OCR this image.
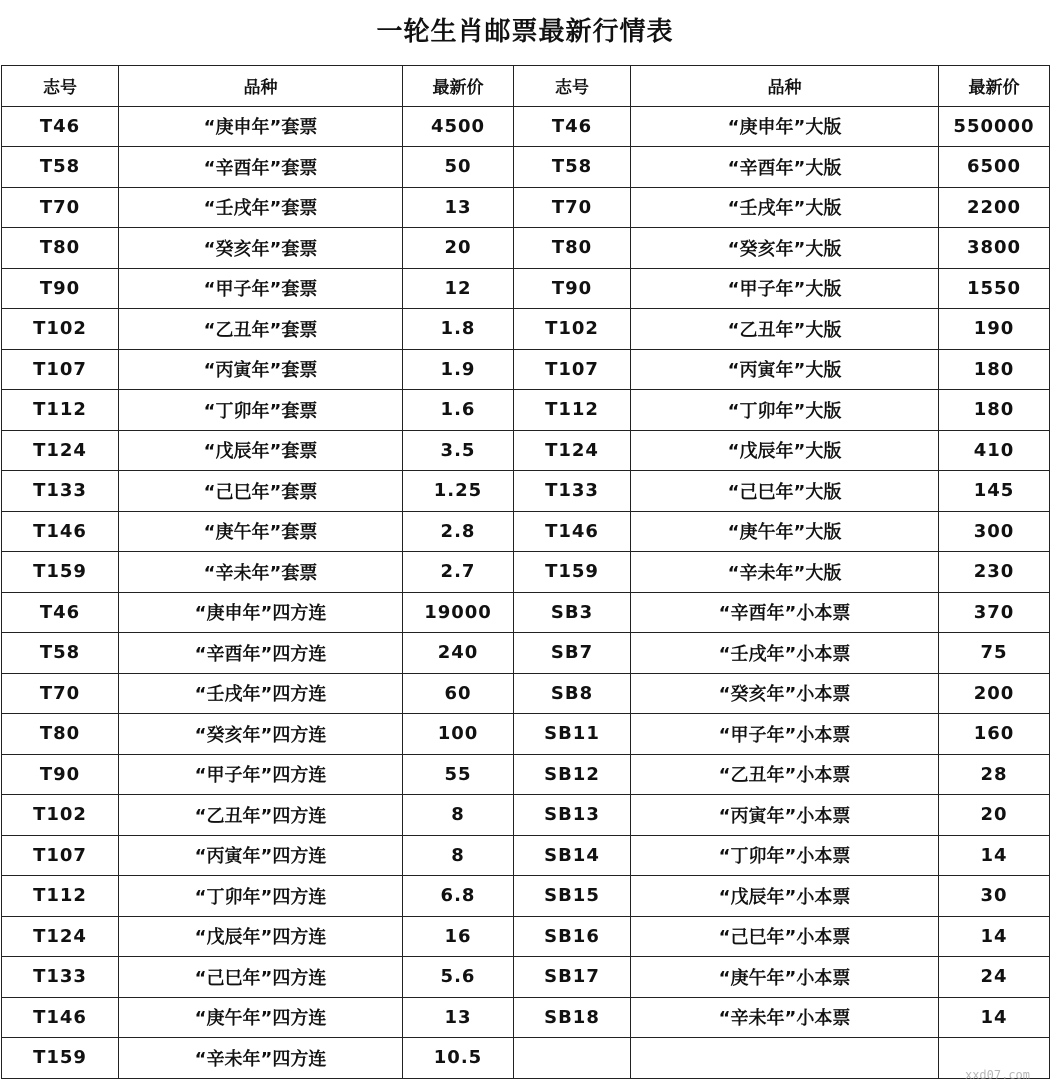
一轮生肖邮票最新行情表
志号	品种	最新价	志号	品种	最新价
T46	“庚申年”套票	4500	T46	“庚申年”大版	550000
T58	“辛酉年”套票	50	T58	“辛酉年”大版	6500
T70	“壬戌年”套票	13	T70	“壬戌年”大版	2200
T80	“癸亥年”套票	20	T80	“癸亥年”大版	3800
T90	“甲子年”套票	12	T90	“甲子年”大版	1550
T102	“乙丑年”套票	1.8	T102	“乙丑年”大版	190
T107	“丙寅年”套票	1.9	T107	“丙寅年”大版	180
T112	“丁卯年”套票	1.6	T112	“丁卯年”大版	180
T124	“戊辰年”套票	3.5	T124	“戊辰年”大版	410
T133	“己巳年”套票	1.25	T133	“己巳年”大版	145
T146	“庚午年”套票	2.8	T146	“庚午年”大版	300
T159	“辛未年”套票	2.7	T159	“辛未年”大版	230
T46	“庚申年”四方连	19000	SB3	“辛酉年”小本票	370
T58	“辛酉年”四方连	240	SB7	“壬戌年”小本票	75
T70	“壬戌年”四方连	60	SB8	“癸亥年”小本票	200
T80	“癸亥年”四方连	100	SB11	“甲子年”小本票	160
T90	“甲子年”四方连	55	SB12	“乙丑年”小本票	28
T102	“乙丑年”四方连	8	SB13	“丙寅年”小本票	20
T107	“丙寅年”四方连	8	SB14	“丁卯年”小本票	14
T112	“丁卯年”四方连	6.8	SB15	“戊辰年”小本票	30
T124	“戊辰年”四方连	16	SB16	“己巳年”小本票	14
T133	“己巳年”四方连	5.6	SB17	“庚午年”小本票	24
T146	“庚午年”四方连	13	SB18	“辛未年”小本票	14
T159	“辛未年”四方连	10.5			
xxd07.com
